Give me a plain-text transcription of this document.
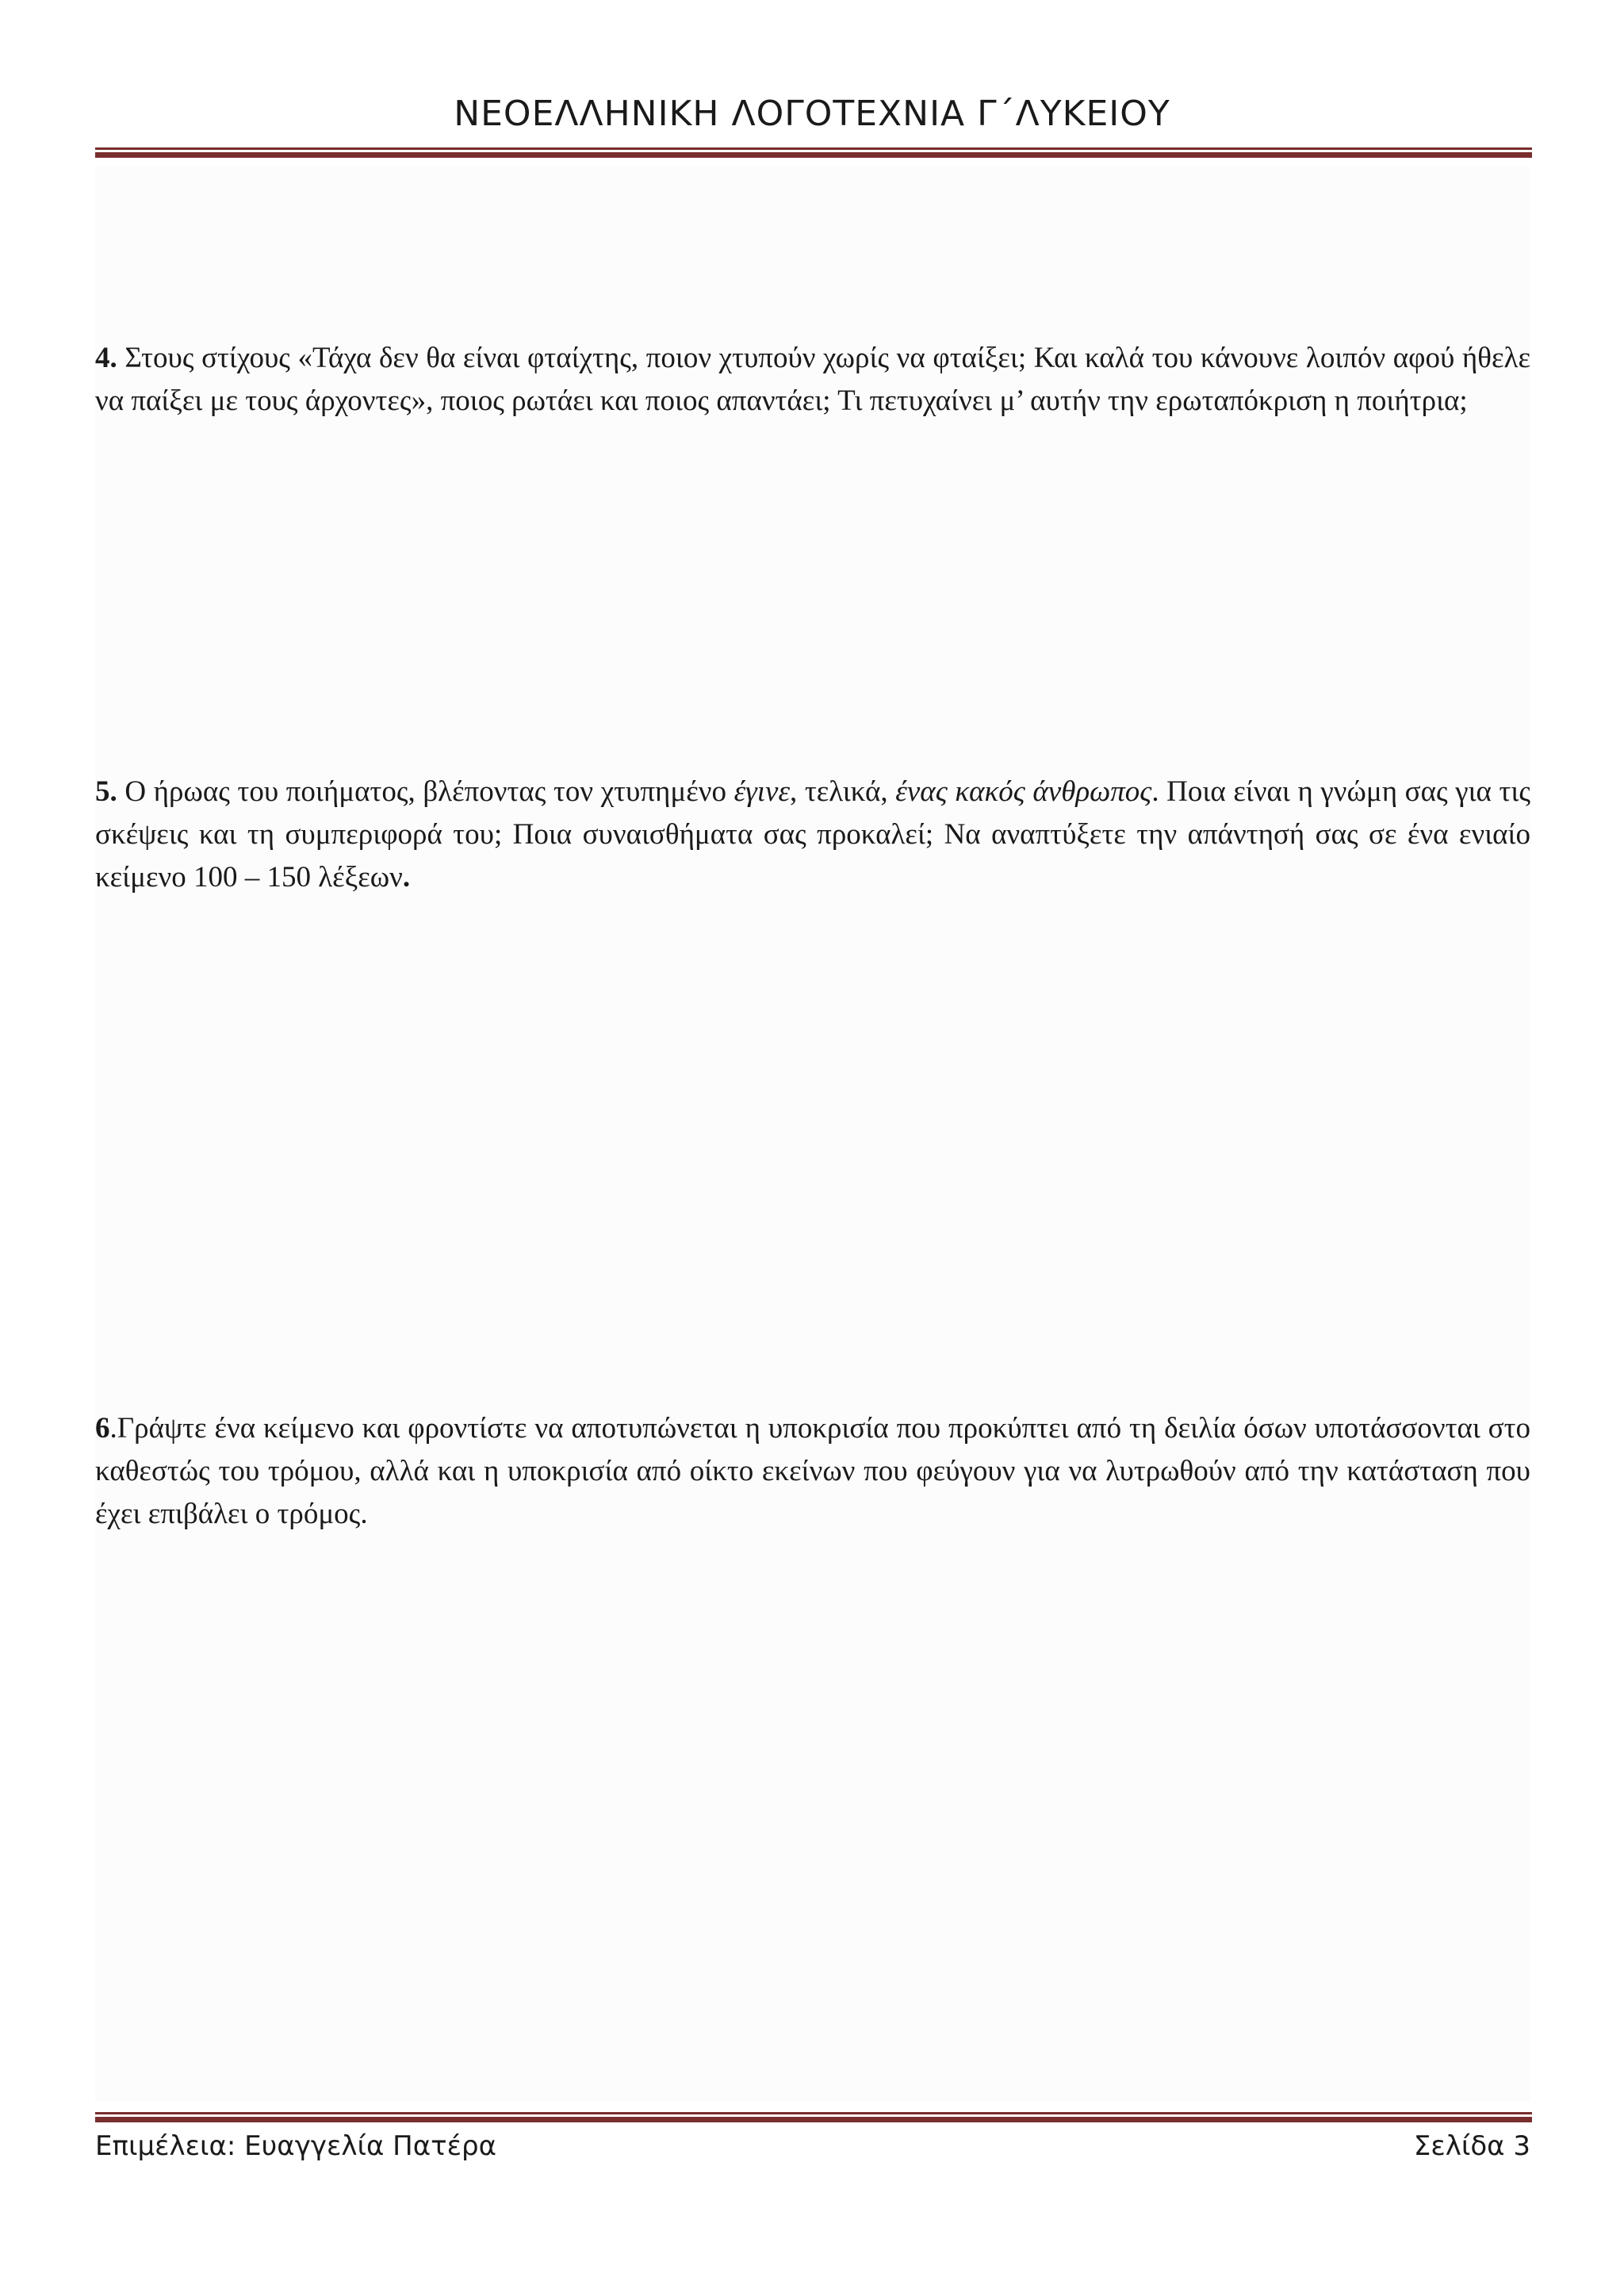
ΝΕΟΕΛΛΗΝΙΚΗ ΛΟΓΟΤΕΧΝΙΑ Γ΄ΛΥΚΕΙΟΥ
4. Στους στίχους «Τάχα δεν θα είναι φταίχτης, ποιον χτυπούν χωρίς να φταίξει; Και καλά του κάνουνε λοιπόν αφού ήθελε να παίξει με τους άρχοντες», ποιος ρωτάει και ποιος απαντάει; Τι πετυχαίνει μ’ αυτήν την ερωταπόκριση η ποιήτρια;
5. Ο ήρωας του ποιήματος, βλέποντας τον χτυπημένο έγινε, τελικά, ένας κακός άνθρωπος. Ποια είναι η γνώμη σας για τις σκέψεις και τη συμπεριφορά του; Ποια συναισθήματα σας προκαλεί; Να αναπτύξετε την απάντησή σας σε ένα ενιαίο κείμενο 100 – 150 λέξεων.
6.Γράψτε ένα κείμενο και φροντίστε να αποτυπώνεται η υποκρισία που προκύπτει από τη δειλία όσων υποτάσσονται στο καθεστώς του τρόμου, αλλά και η υποκρισία από οίκτο εκείνων που φεύγουν για να λυτρωθούν από την κατάσταση που έχει επιβάλει ο τρόμος.
Επιμέλεια: Ευαγγελία Πατέρα	Σελίδα 3
